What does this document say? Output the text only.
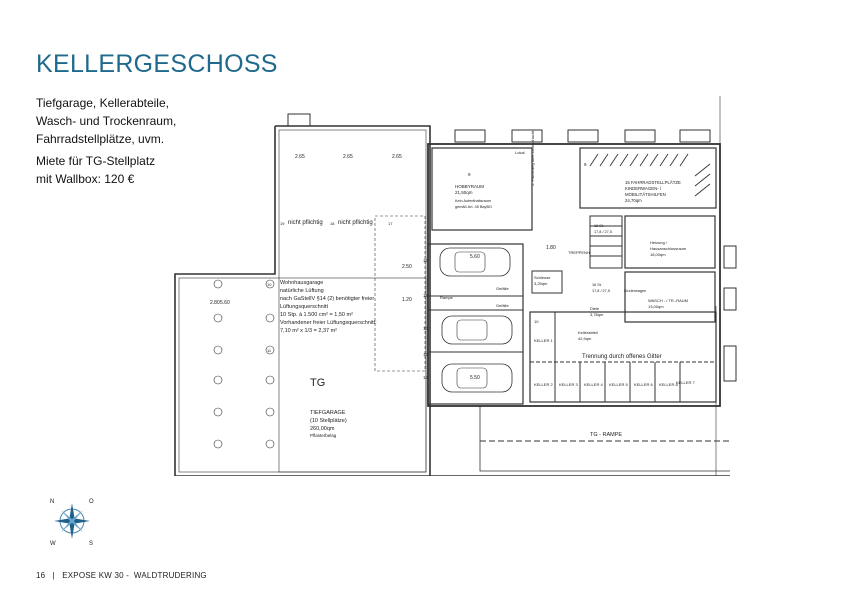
KELLERGESCHOSS
Tiefgarage, Kellerabteile,
Wasch- und Trockenraum,
Fahrradstellplätze, uvm.
Miete für TG-Stellplatz
mit Wallbox: 120 €
2.65	2.65	2.65
2.50
1.20
2.80 5.60
5.50
5.60
1.80
nicht pflichtig	nicht pflichtig
Wohnhausgarage
natürliche Lüftung
nach GaStellV §14 (2) benötigter freier
Lüftungsquerschnitt
10 Stp. á 1.500 cm² = 1,50 m²
Vorhandener freier Lüftungsquerschnitt:
7,10 m² x 1/3 = 2,37 m²
TG
TIEFGARAGE
(10 Stellplätze)
260,00qm
Pflasterbelag
9
HOBBYRAUM
21,50qm
Kein Aufenthaltsraum
gemäß Art. 45 BayBO
2. Fluchtweg über Lichtschacht
Lokal
9
15 FAHRRADSTELLPLÄTZE
KINDERWAGEN- /
MOBILITÄTSHILFEN
24,70qm
TREPPENH
Schleuse
3,25qm
16 St.
17,8 / 27,5
16 St.
17,8 / 27,5	Kinderwagen
Heizung /
Hausanschlussraum
18,00qm
WASCH - / TR.-RAUM
13,00qm
Diele
3,78qm
Rampe
Gefälle
Gefälle
Kellerabteil
42,9qm
Trennung durch offenes Gitter
KELLER 1
KELLER 2 KELLER 3 KELLER 4 KELLER 5 KELLER 6	KELLER 7
KELLER 8
TG - RAMPE
16
15
14
13
12
10
11
19	18	17
10
N	O
S
W
16 | EXPOSE KW 30 -  WALDTRUDERING
